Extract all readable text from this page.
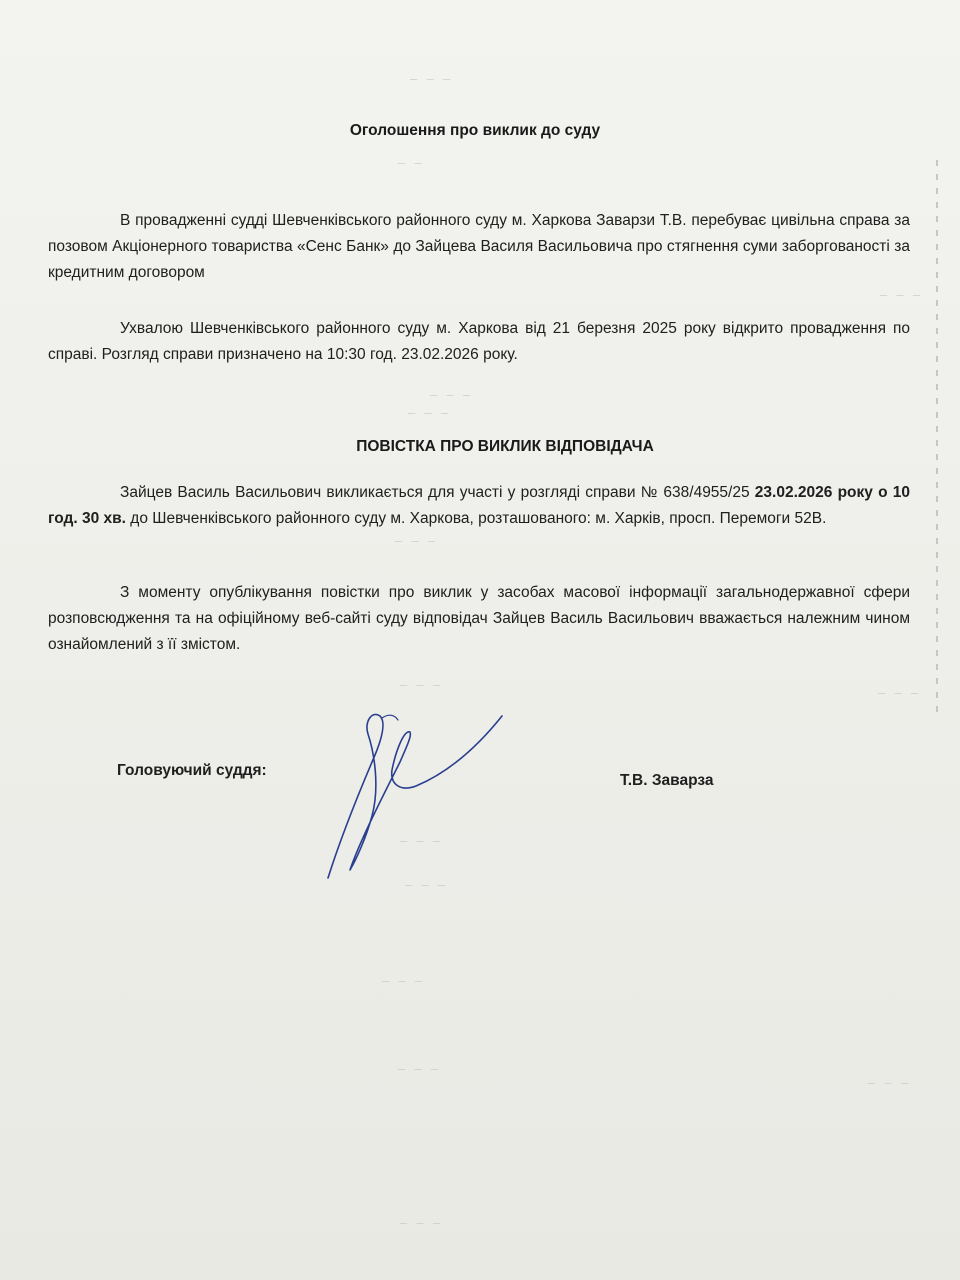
_ _ _
_ _
_ _ _
_ _ _
_ _ _
_ _ _
_ _ _
_ _ _
_ _ _
_ _ _
_ _ _
_ _ _
_ _ _
_ _ _
Оголошення про виклик до суду
В провадженні судді Шевченківського районного суду м. Харкова Заварзи Т.В. перебуває цивільна справа за позовом Акціонерного товариства «Сенс Банк» до Зайцева Василя Васильовича про стягнення суми заборгованості за кредитним договором
Ухвалою Шевченківського районного суду м. Харкова від 21 березня 2025 року відкрито провадження по справі. Розгляд справи призначено на 10:30 год. 23.02.2026 року.
ПОВІСТКА ПРО ВИКЛИК ВІДПОВІДАЧА
Зайцев Василь Васильович викликається для участі у розгляді справи № 638/4955/25 23.02.2026 року о 10 год. 30 хв. до Шевченківського районного суду м. Харкова, розташованого: м. Харків, просп. Перемоги 52В.
З моменту опублікування повістки про виклик у засобах масової інформації загальнодержавної сфери розповсюдження та на офіційному веб-сайті суду відповідач Зайцев Василь Васильович вважається належним чином ознайомлений з її змістом.
Головуючий суддя:
Т.В. Заварза
